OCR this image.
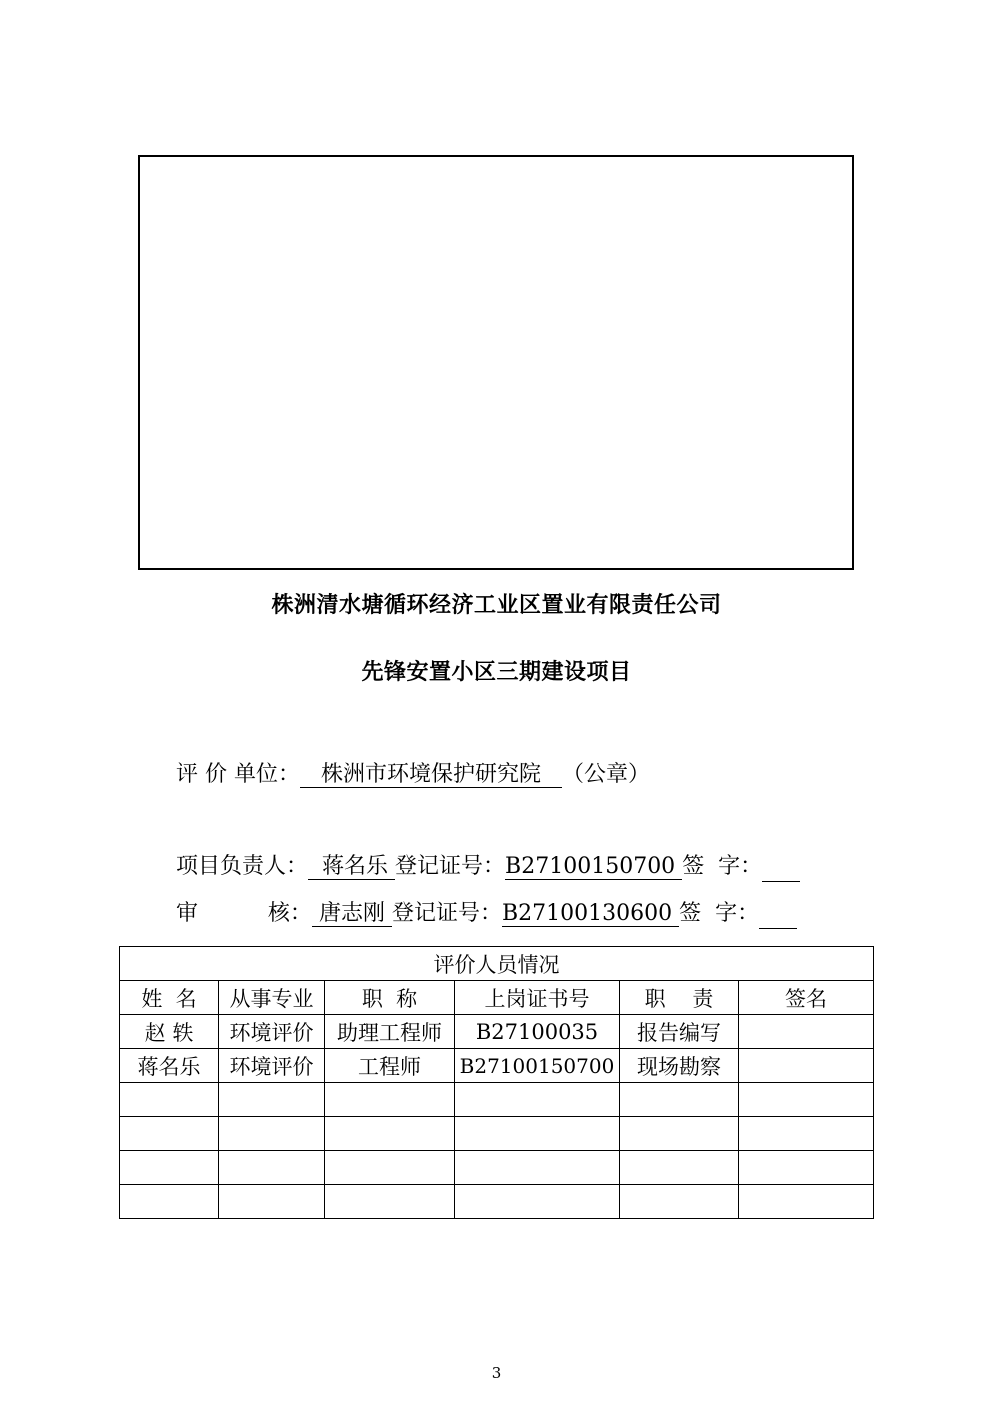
株洲清水塘循环经济工业区置业有限责任公司
先锋安置小区三期建设项目
评 价 单位： 株洲市环境保护研究院 （公章）
项目负责人： 蒋名乐 登记证号：B27100150700 签  字：
审          核： 唐志刚 登记证号：B27100130600 签  字：
评价人员情况					
姓  名	从事专业	职  称	上岗证书号	职    责	签名
赵 轶	环境评价	助理工程师	B27100035	报告编写	
蒋名乐	环境评价	工程师	B27100150700	现场勘察	

3
